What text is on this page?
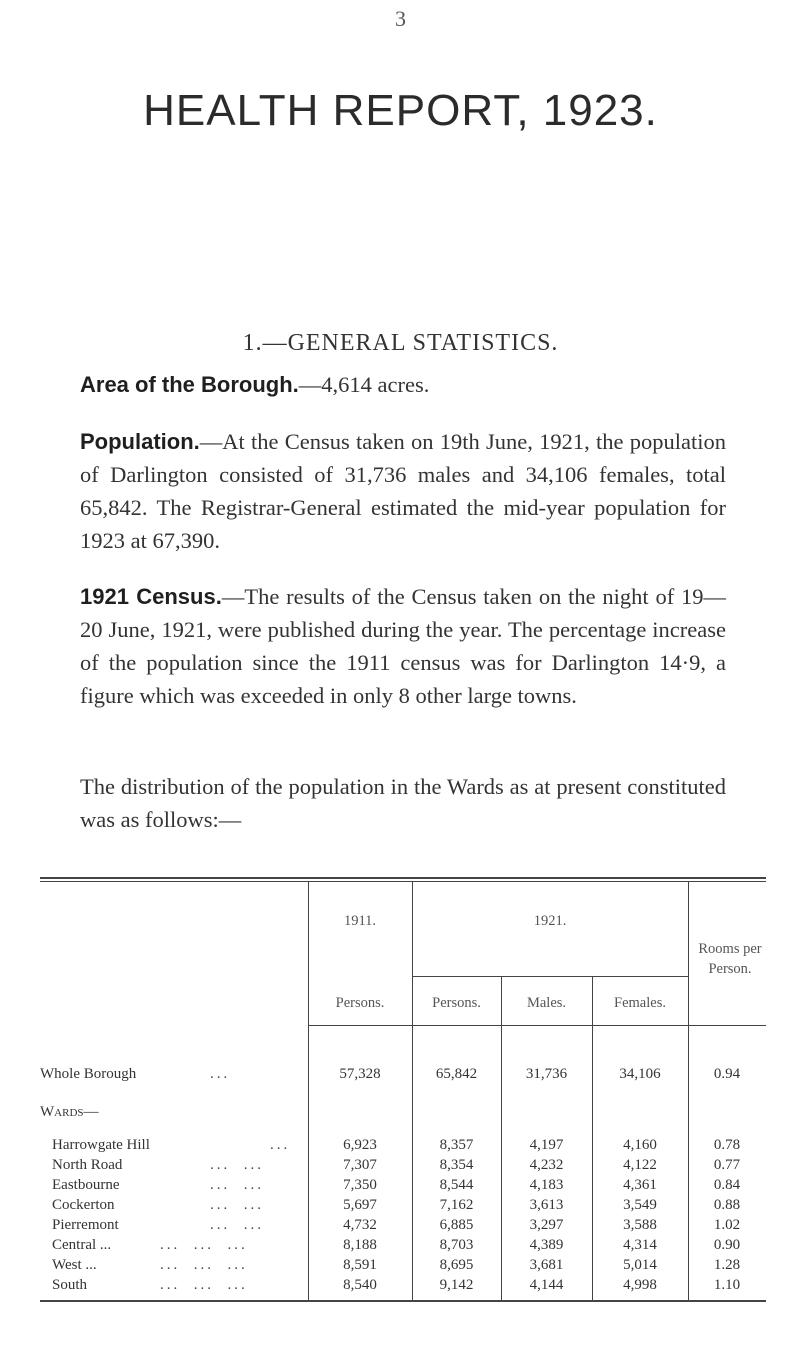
3
HEALTH REPORT, 1923.
1.—GENERAL STATISTICS.
Area of the Borough.—4,614 acres.
Population.—At the Census taken on 19th June, 1921, the population of Darlington consisted of 31,736 males and 34,106 females, total 65,842. The Registrar-General estimated the mid-year population for 1923 at 67,390.
1921 Census.—The results of the Census taken on the night of 19—20 June, 1921, were published during the year. The percentage increase of the population since the 1911 census was for Darlington 14·9, a figure which was exceeded in only 8 other large towns.
The distribution of the population in the Wards as at present constituted was as follows:—
1911.	1921.
Rooms per Person.
Persons.	Persons.	Males.	Females.
Whole Borough	...	57,328	65,842	31,736	34,106	0.94
Wards—
Harrowgate Hill	...	6,923	8,357	4,197	4,160	0.78
North Road	...  ...	7,307	8,354	4,232	4,122	0.77
Eastbourne	...  ...	7,350	8,544	4,183	4,361	0.84
Cockerton	...  ...	5,697	7,162	3,613	3,549	0.88
Pierremont	...  ...	4,732	6,885	3,297	3,588	1.02
Central ...	...  ...  ...	8,188	8,703	4,389	4,314	0.90
West ...	...  ...  ...	8,591	8,695	3,681	5,014	1.28
South	...  ...  ...	8,540	9,142	4,144	4,998	1.10
